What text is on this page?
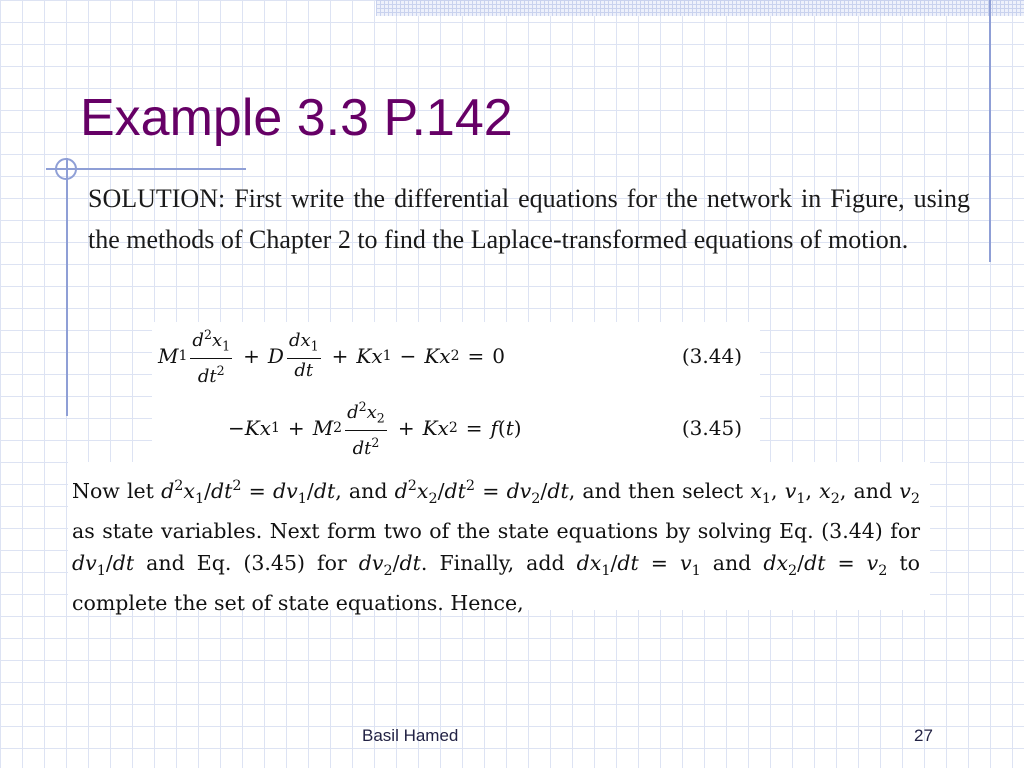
Example 3.3 P.142

SOLUTION: First write the differential equations for the network in Figure, using the methods of Chapter 2 to find the Laplace-transformed equations of motion.

M $1 \frac{d^2x_1}{dt^2} + D \frac{dx_1}{dt} + Kx$ 1 − Kx 2 = 0	(3.44)
− Kx 1 + M $2 \frac{d^2x_2}{dt^2} + Kx$ 2 = f ( t )	(3.45)

Now let $d^2x_1/dt^2 = dv_1/dt$, and $d^2x_2/dt^2 = dv_2/dt$, and then select $x_1$, $v_1$, $x_2$, and $v_2$ as state variables. Next form two of the state equations by solving Eq. (3.44) for $dv_1/dt$ and Eq. (3.45) for $dv_2/dt$. Finally, add $dx_1/dt = v_1$ and $dx_2/dt = v_2$ to complete the set of state equations. Hence,

Basil Hamed	27
